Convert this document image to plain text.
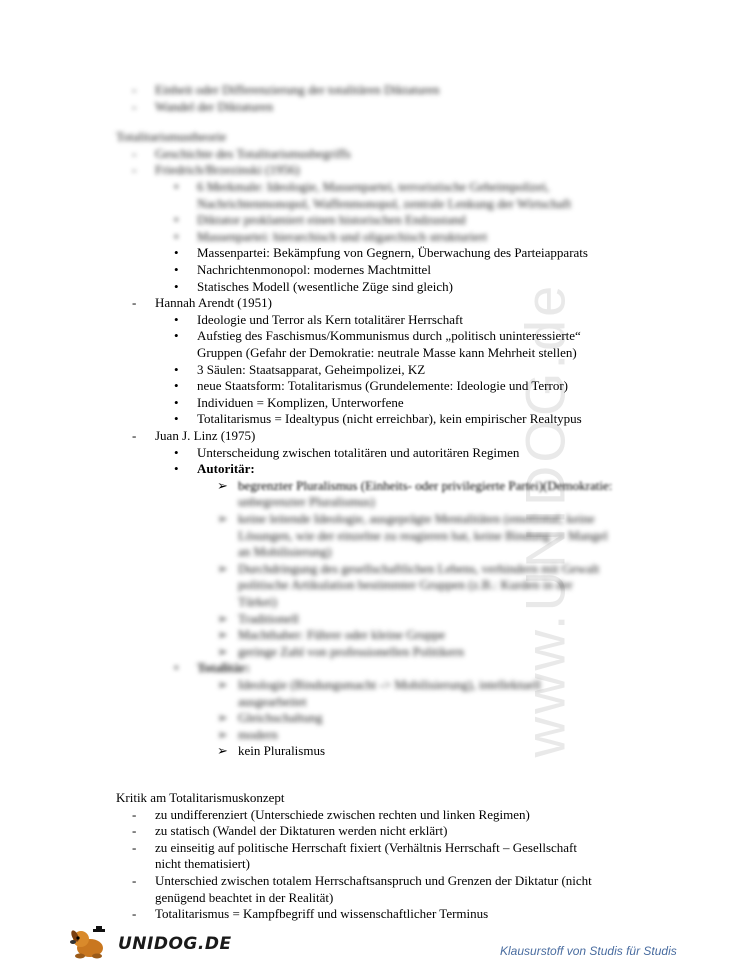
www.UNIDOG.de
- Einheit oder Differenzierung der totalitären Diktaturen
- Wandel der Diktaturen
Totalitarismustheorie
- Geschichte des Totalitarismusbegriffs
- Friedrich/Brzezinski (1956)
• 6 Merkmale: Ideologie, Massenpartei, terroristische Geheimpolizei,
Nachrichtenmonopol, Waffenmonopol, zentrale Lenkung der Wirtschaft
• Diktator proklamiert einen historischen Endzustand
• Massenpartei: hierarchisch und oligarchisch strukturiert
• Massenpartei: Bekämpfung von Gegnern, Überwachung des Parteiapparats
• Nachrichtenmonopol: modernes Machtmittel
• Statisches Modell (wesentliche Züge sind gleich)
- Hannah Arendt (1951)
• Ideologie und Terror als Kern totalitärer Herrschaft
• Aufstieg des Faschismus/Kommunismus durch „politisch uninteressierte“
Gruppen (Gefahr der Demokratie: neutrale Masse kann Mehrheit stellen)
• 3 Säulen: Staatsapparat, Geheimpolizei, KZ
• neue Staatsform: Totalitarismus (Grundelemente: Ideologie und Terror)
• Individuen = Komplizen, Unterworfene
• Totalitarismus = Idealtypus (nicht erreichbar), kein empirischer Realtypus
- Juan J. Linz (1975)
• Unterscheidung zwischen totalitären und autoritären Regimen
• Autoritär:
➢ begrenzter Pluralismus (Einheits- oder privilegierte Partei)(Demokratie:
unbegrenzter Pluralismus)
➢ keine leitende Ideologie, ausgeprägte Mentalitäten (emotional, keine
Lösungen, wie der einzelne zu reagieren hat, keine Bindung -> Mangel
an Mobilisierung)
➢ Durchdringung des gesellschaftlichen Lebens, verhindern mit Gewalt
politische Artikulation bestimmter Gruppen (z.B.: Kurden in der
Türkei)
➢ Traditionell
➢ Machthaber: Führer oder kleine Gruppe
➢ geringe Zahl von professionellen Politikern
• Totalitär:
➢ Ideologie (Bindungsmacht -> Mobilisierung), intellektuell
ausgearbeitet
➢ Gleichschaltung
➢ modern
➢ kein Pluralismus
Kritik am Totalitarismuskonzept
- zu undifferenziert (Unterschiede zwischen rechten und linken Regimen)
- zu statisch (Wandel der Diktaturen werden nicht erklärt)
- zu einseitig auf politische Herrschaft fixiert (Verhältnis Herrschaft – Gesellschaft
nicht thematisiert)
- Unterschied zwischen totalem Herrschaftsanspruch und Grenzen der Diktatur (nicht
genügend beachtet in der Realität)
- Totalitarismus = Kampfbegriff und wissenschaftlicher Terminus
UNIDOG.DE	Klausurstoff von Studis für Studis
